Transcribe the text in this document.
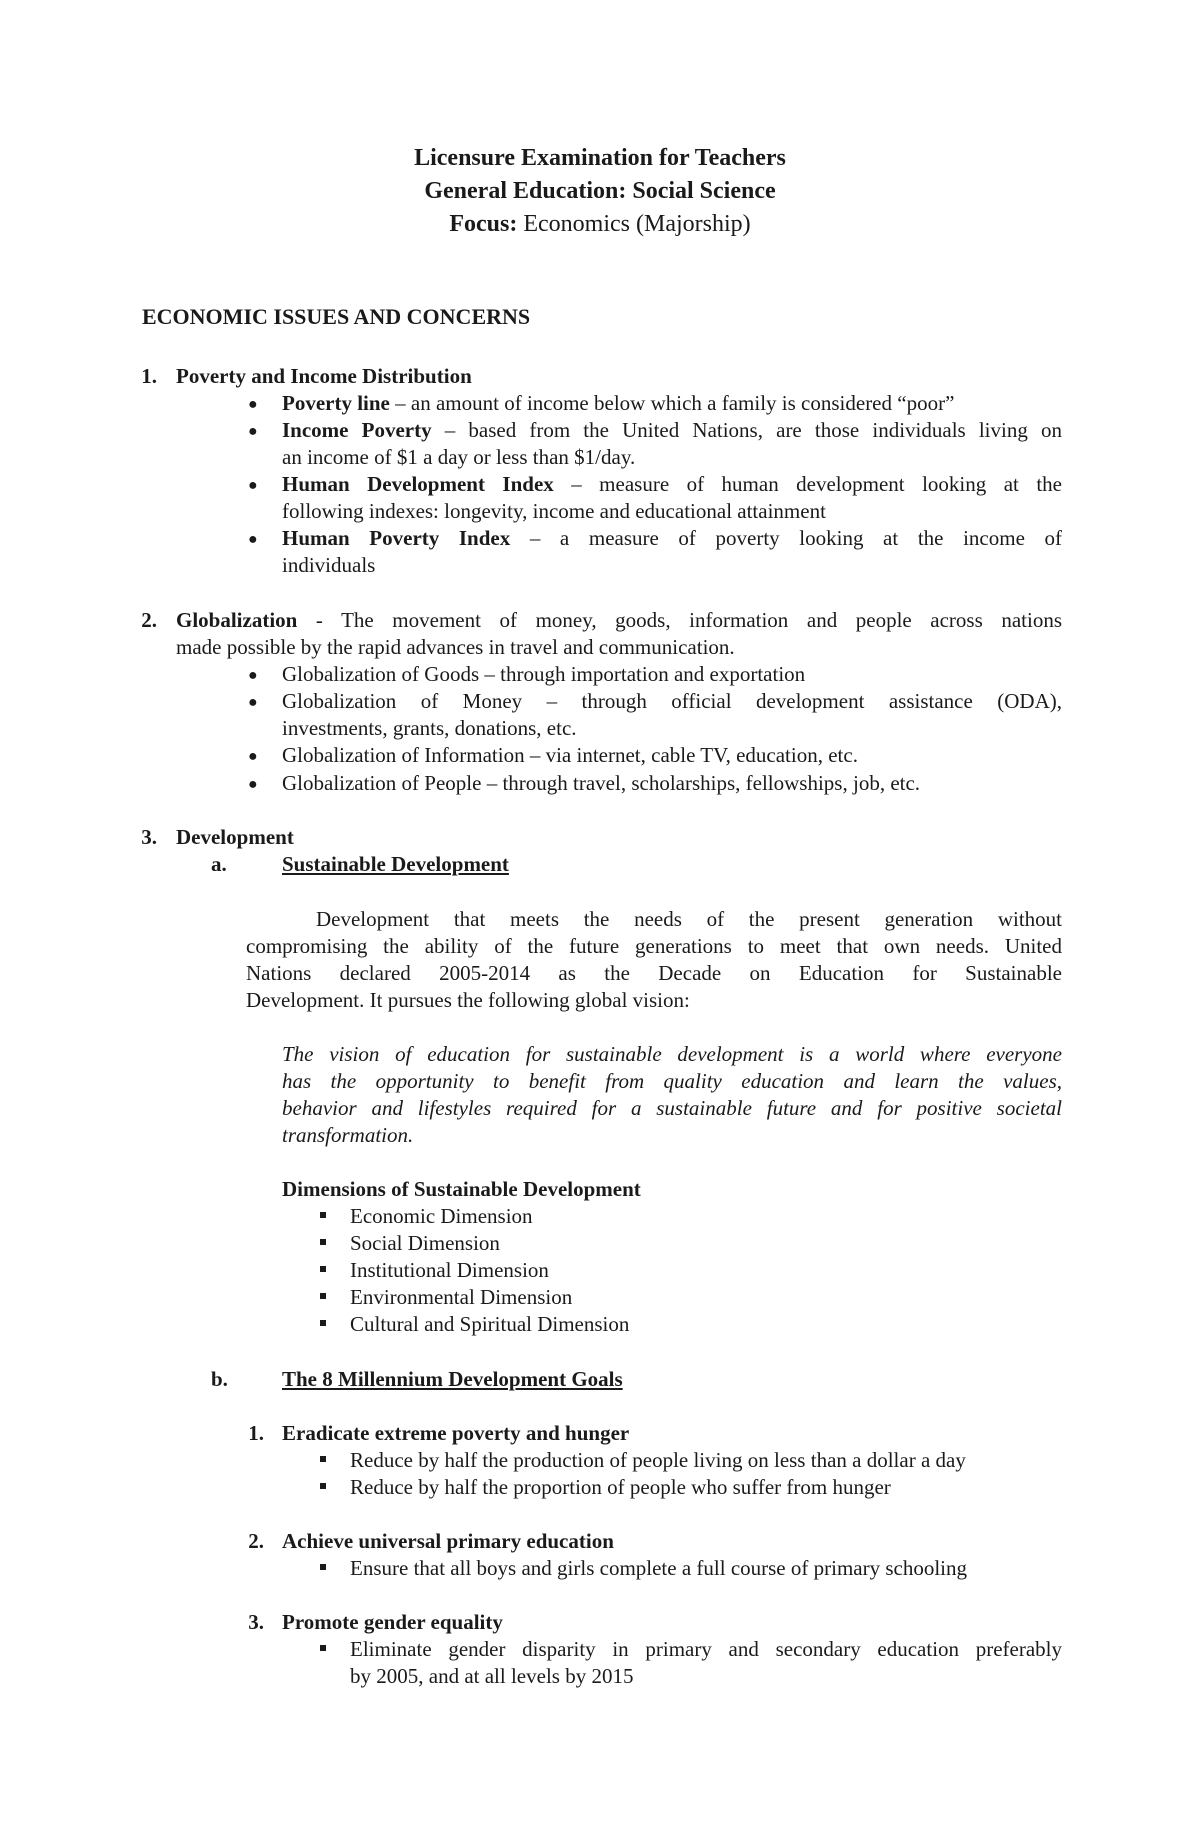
Licensure Examination for Teachers
General Education: Social Science
Focus: Economics (Majorship)
ECONOMIC ISSUES AND CONCERNS
1. Poverty and Income Distribution
● Poverty line – an amount of income below which a family is considered “poor”
● Income Poverty – based from the United Nations, are those individuals living on
an income of $1 a day or less than $1/day.
● Human Development Index – measure of human development looking at the
following indexes: longevity, income and educational attainment
● Human Poverty Index – a measure of poverty looking at the income of
individuals
2. Globalization - The movement of money, goods, information and people across nations
made possible by the rapid advances in travel and communication.
● Globalization of Goods – through importation and exportation
● Globalization of Money – through official development assistance (ODA),
investments, grants, donations, etc.
● Globalization of Information – via internet, cable TV, education, etc.
● Globalization of People – through travel, scholarships, fellowships, job, etc.
3. Development
a.	Sustainable Development
Development that meets the needs of the present generation without
compromising the ability of the future generations to meet that own needs. United
Nations declared 2005-2014 as the Decade on Education for Sustainable
Development. It pursues the following global vision:
The vision of education for sustainable development is a world where everyone
has the opportunity to benefit from quality education and learn the values,
behavior and lifestyles required for a sustainable future and for positive societal
transformation.
Dimensions of Sustainable Development
Economic Dimension
Social Dimension
Institutional Dimension
Environmental Dimension
Cultural and Spiritual Dimension
b.	The 8 Millennium Development Goals
1. Eradicate extreme poverty and hunger
Reduce by half the production of people living on less than a dollar a day
Reduce by half the proportion of people who suffer from hunger
2. Achieve universal primary education
Ensure that all boys and girls complete a full course of primary schooling
3. Promote gender equality
Eliminate gender disparity in primary and secondary education preferably
by 2005, and at all levels by 2015
